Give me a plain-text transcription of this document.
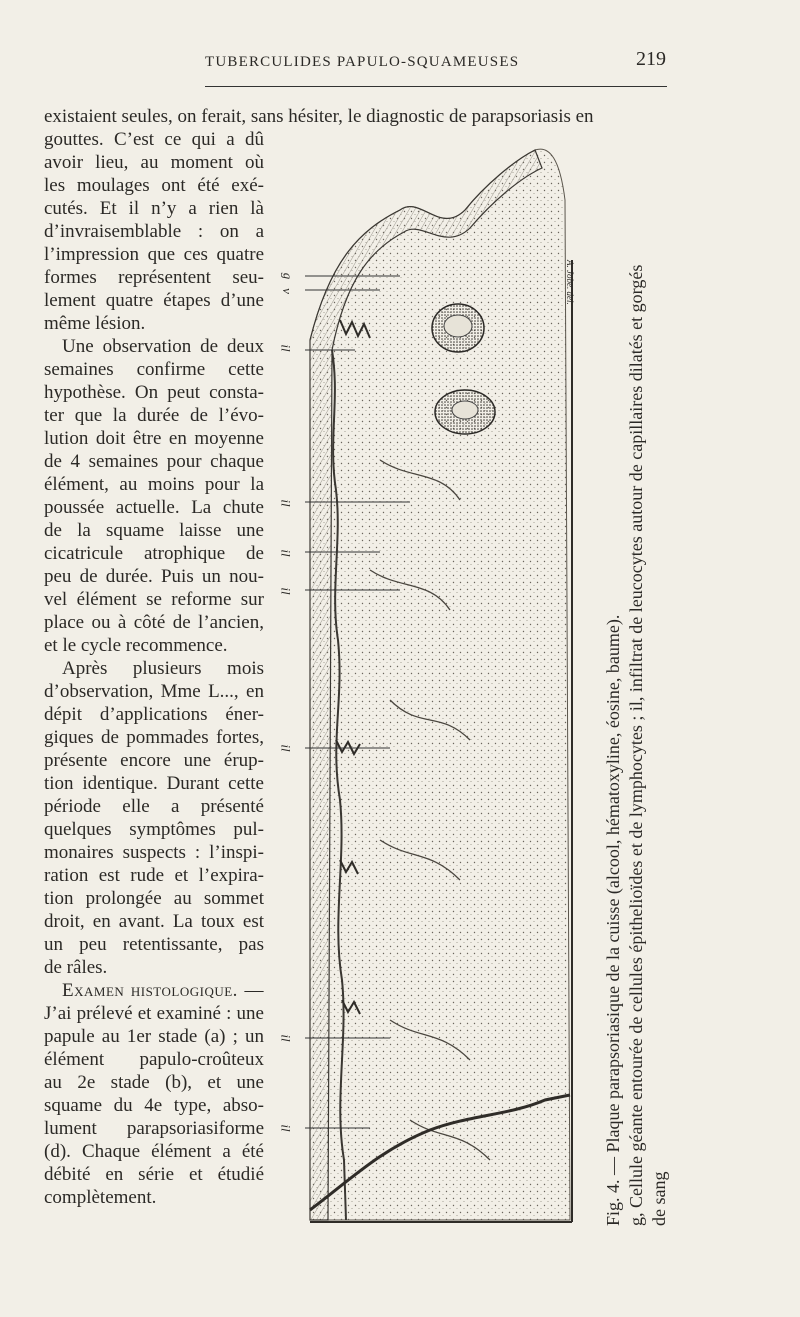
TUBERCULIDES PAPULO-SQUAMEUSES	219
existaient seules, on ferait, sans hésiter, le diagnostic de parapsoriasis en
gouttes. C’est ce qui a dû
avoir lieu, au moment où
les moulages ont été exé-
cutés. Et il n’y a rien là
d’invraisemblable : on a
l’impression que ces quatre
formes représentent seu-
lement quatre étapes d’une
même lésion.
Une observation de deux
semaines confirme cette
hypothèse. On peut consta-
ter que la durée de l’évo-
lution doit être en moyenne
de 4 semaines pour chaque
élément, au moins pour la
poussée actuelle. La chute
de la squame laisse une
cicatricule atrophique de
peu de durée. Puis un nou-
vel élément se reforme sur
place ou à côté de l’ancien,
et le cycle recommence.
Après plusieurs mois
d’observation, Mme L..., en
dépit d’applications éner-
giques de pommades fortes,
présente encore une érup-
tion identique. Durant cette
période elle a présenté
quelques symptômes pul-
monaires suspects : l’inspi-
ration est rude et l’expira-
tion prolongée au sommet
droit, en avant. La toux est
un peu retentissante, pas
de râles.
Examen histologique. —
J’ai prélevé et examiné : une
papule au 1er stade (a) ; un
élément papulo-croûteux
au 2e stade (b), et une
squame du 4e type, abso-
lument parapsoriasiforme
(d). Chaque élément a été
débité en série et étudié
complètement.
g
v
il
il
il
il
il
il
il
A. Jobe. del.
Fig. 4. — Plaque parapsoriasique de la cuisse (alcool, hématoxyline, éosine, baume). g, Cellule géante entourée de cellules épithelioïdes et de lymphocytes ; il, infiltrat de leucocytes autour de capillaires dilatés et gorgés de sang
